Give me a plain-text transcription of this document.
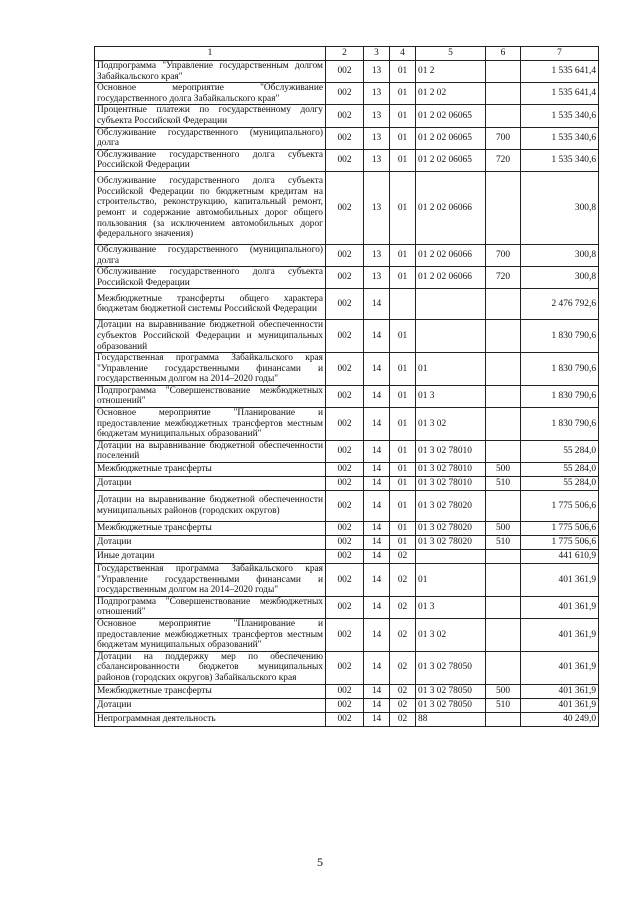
1	2	3	4	5	6	7
Подпрограмма "Управление государственным долгом Забайкальского края"	002	13	01	01 2		1 535 641,4
Основное мероприятие "Обслуживание государственного долга Забайкальского края"	002	13	01	01 2 02		1 535 641,4
Процентные платежи по государственному долгу субъекта Российской Федерации	002	13	01	01 2 02 06065		1 535 340,6
Обслуживание государственного (муниципального) долга	002	13	01	01 2 02 06065	700	1 535 340,6
Обслуживание государственного долга субъекта Российской Федерации	002	13	01	01 2 02 06065	720	1 535 340,6
Обслуживание государственного долга субъекта Российской Федерации по бюджетным кредитам на строительство, реконструкцию, капитальный ремонт, ремонт и содержание автомобильных дорог общего пользования (за исключением автомобильных дорог федерального значения)	002	13	01	01 2 02 06066		300,8
Обслуживание государственного (муниципального) долга	002	13	01	01 2 02 06066	700	300,8
Обслуживание государственного долга субъекта Российской Федерации	002	13	01	01 2 02 06066	720	300,8
Межбюджетные трансферты общего характера бюджетам бюджетной системы Российской Федерации	002	14				2 476 792,6
Дотации на выравнивание бюджетной обеспеченности субъектов Российской Федерации и муниципальных образований	002	14	01			1 830 790,6
Государственная программа Забайкальского края "Управление государственными финансами и государственным долгом на 2014–2020 годы"	002	14	01	01		1 830 790,6
Подпрограмма "Совершенствование межбюджетных отношений"	002	14	01	01 3		1 830 790,6
Основное мероприятие "Планирование и предоставление межбюджетных трансфертов местным бюджетам муниципальных образований"	002	14	01	01 3 02		1 830 790,6
Дотации на выравнивание бюджетной обеспеченности поселений	002	14	01	01 3 02 78010		55 284,0
Межбюджетные трансферты	002	14	01	01 3 02 78010	500	55 284,0
Дотации	002	14	01	01 3 02 78010	510	55 284,0
Дотации на выравнивание бюджетной обеспеченности муниципальных районов (городских округов)	002	14	01	01 3 02 78020		1 775 506,6
Межбюджетные трансферты	002	14	01	01 3 02 78020	500	1 775 506,6
Дотации	002	14	01	01 3 02 78020	510	1 775 506,6
Иные дотации	002	14	02			441 610,9
Государственная программа Забайкальского края "Управление государственными финансами и государственным долгом на 2014–2020 годы"	002	14	02	01		401 361,9
Подпрограмма "Совершенствование межбюджетных отношений"	002	14	02	01 3		401 361,9
Основное мероприятие "Планирование и предоставление межбюджетных трансфертов местным бюджетам муниципальных образований"	002	14	02	01 3 02		401 361,9
Дотации на поддержку мер по обеспечению сбалансированности бюджетов муниципальных районов (городских округов) Забайкальского края	002	14	02	01 3 02 78050		401 361,9
Межбюджетные трансферты	002	14	02	01 3 02 78050	500	401 361,9
Дотации	002	14	02	01 3 02 78050	510	401 361,9
Непрограммная деятельность	002	14	02	88		40 249,0
5
